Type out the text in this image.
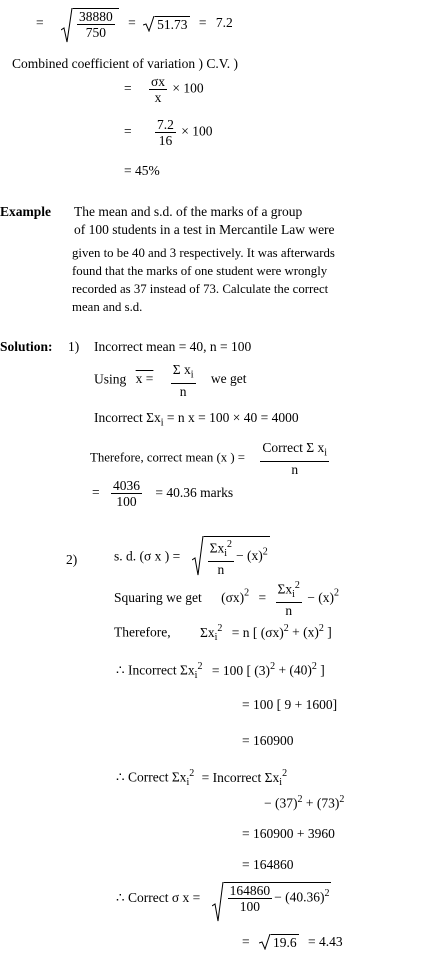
= $\frac{38880}{750} = 51.73 = 7.2$
Combined coefficient of variation ) C.V. )
= $\frac{\sigma x}{x} \times 100$
= $\frac{7.2}{16} \times 100$
= 45%
Example The mean and s.d. of the marks of a group
of 100 students in a test in Mercantile Law were
given to be 40 and 3 respectively. It was afterwards
found that the marks of one student were wrongly
recorded as 37 instead of 73. Calculate the correct
mean and s.d.
Solution: 1) Incorrect mean = 40, n = 100
Using $x = \frac{\Sigma x_i}{n}$ we get
Incorrect $\Sigma x_i = n$ x = 100 × 40 = 4000
Therefore, correct mean (x ) = $\frac{Correct \Sigma x_i}{n}$
= $\frac{4036}{100} = 40.36$ marks
2)	s. d. (σ x ) = $\frac{\Sigma x_i^2}{n} - (x)^2$
Squaring we get $(\sigma x)^2 = \frac{\Sigma x_i^2}{n} - (x)^2$
Therefore, $\Sigma x_i^2 = n$ [ $(\sigma x)^2 + (x)^2$ ]
∴ Incorrect $\Sigma x_i^2 = 100$ [ $(3)^2 + (40)^2$ ]
= 100 [ 9 + 1600]
= 160900
∴ Correct $\Sigma x_i^2$ = Incorrect $\Sigma x_i^2$
− $(37)^2 + (73)^2$
= 160900 + 3960
= 164860
∴ Correct σ $x = \frac{164860}{100} - (40.36)^2$
= 19.6 = 4.43
